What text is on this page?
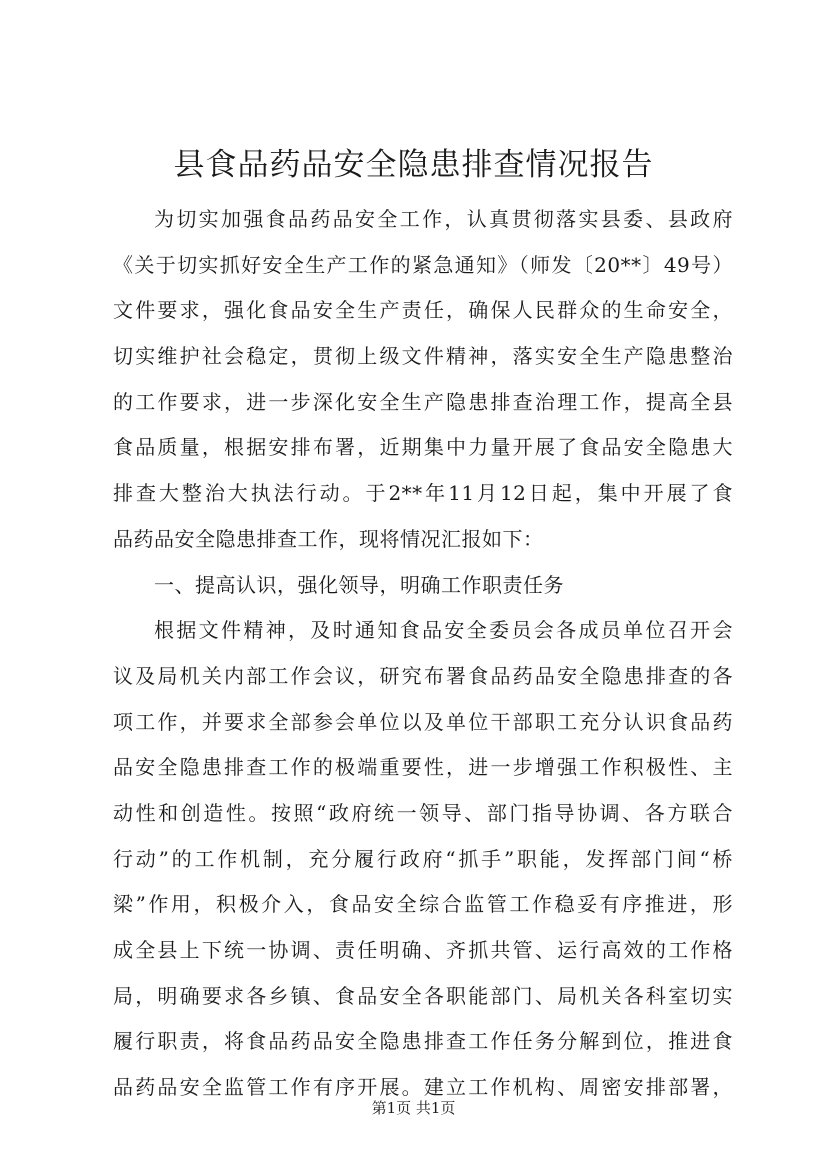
县食品药品安全隐患排查情况报告
为切实加强食品药品安全工作，认真贯彻落实县委、县政府
《关于切实抓好安全生产工作的紧急通知》（师发〔20**〕49号）
文件要求，强化食品安全生产责任，确保人民群众的生命安全，
切实维护社会稳定，贯彻上级文件精神，落实安全生产隐患整治
的工作要求，进一步深化安全生产隐患排查治理工作，提高全县
食品质量，根据安排布署，近期集中力量开展了食品安全隐患大
排查大整治大执法行动。于2**年11月12日起，集中开展了食
品药品安全隐患排查工作，现将情况汇报如下：
一、提高认识，强化领导，明确工作职责任务
根据文件精神，及时通知食品安全委员会各成员单位召开会
议及局机关内部工作会议，研究布署食品药品安全隐患排查的各
项工作，并要求全部参会单位以及单位干部职工充分认识食品药
品安全隐患排查工作的极端重要性，进一步增强工作积极性、主
动性和创造性。按照“政府统一领导、部门指导协调、各方联合
行动”的工作机制，充分履行政府“抓手”职能，发挥部门间“桥
梁”作用，积极介入，食品安全综合监管工作稳妥有序推进，形
成全县上下统一协调、责任明确、齐抓共管、运行高效的工作格
局，明确要求各乡镇、食品安全各职能部门、局机关各科室切实
履行职责，将食品药品安全隐患排查工作任务分解到位，推进食
品药品安全监管工作有序开展。建立工作机构、周密安排部署，
第1页 共1页
